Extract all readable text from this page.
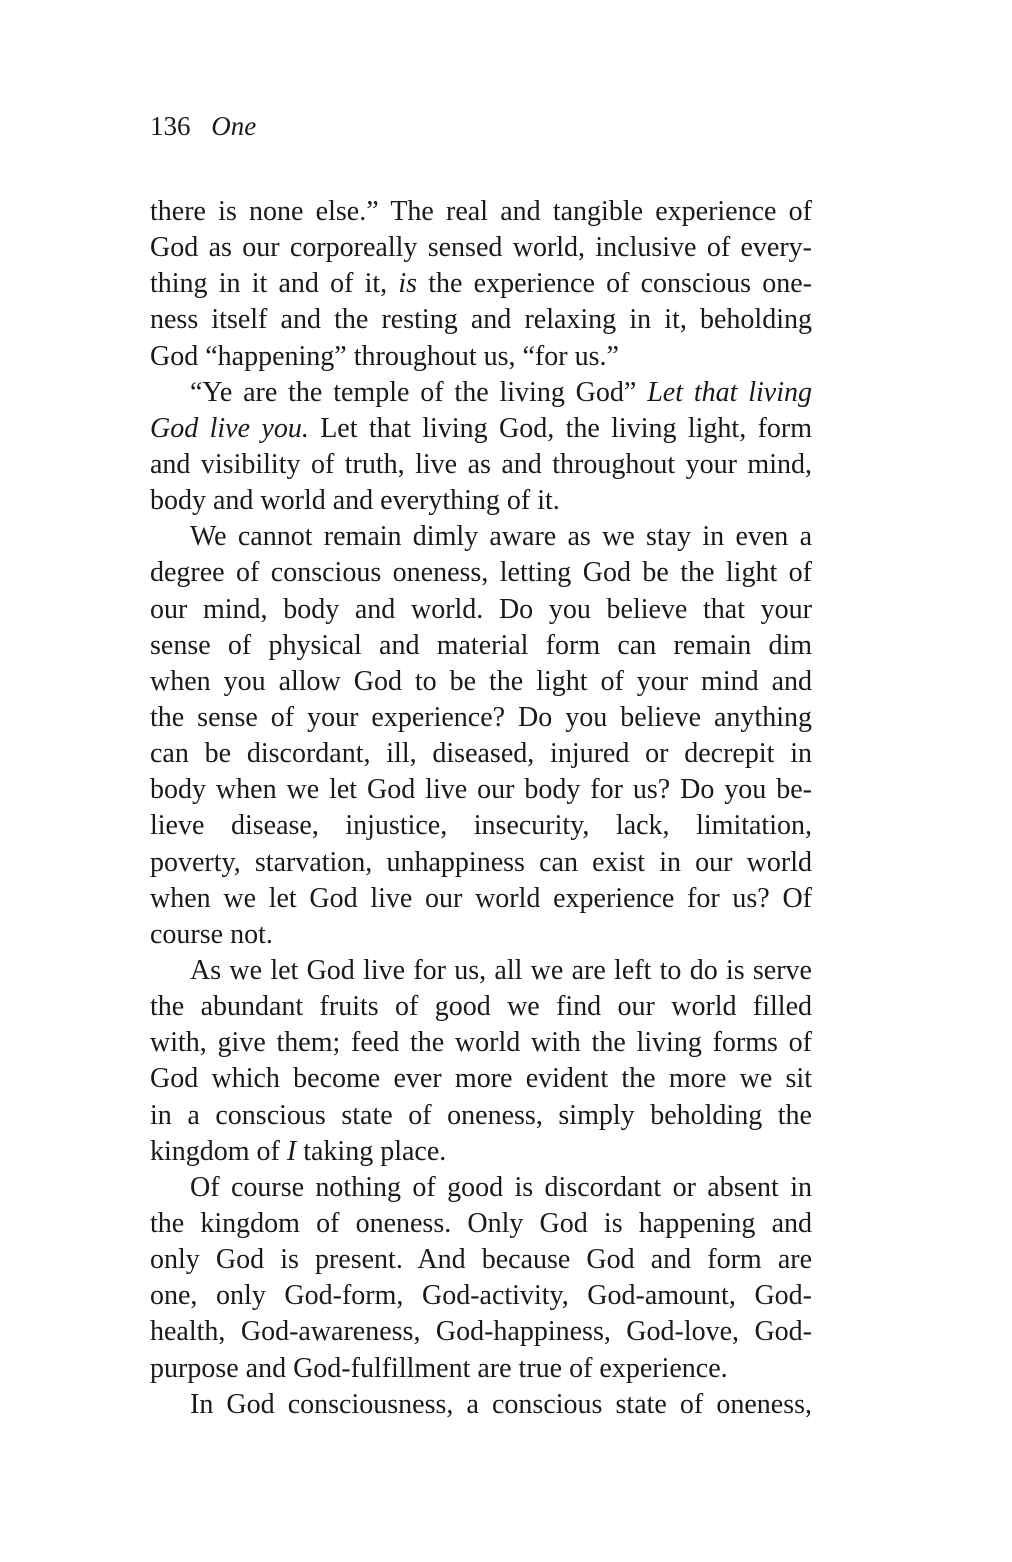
136 One
there is none else.” The real and tangible experience of
God as our corporeally sensed world, inclusive of every-
thing in it and of it, is the experience of conscious one-
ness itself and the resting and relaxing in it, beholding
God “happening” throughout us, “for us.”
“Ye are the temple of the living God” Let that living
God live you. Let that living God, the living light, form
and visibility of truth, live as and throughout your mind,
body and world and everything of it.
We cannot remain dimly aware as we stay in even a
degree of conscious oneness, letting God be the light of
our mind, body and world. Do you believe that your
sense of physical and material form can remain dim
when you allow God to be the light of your mind and
the sense of your experience? Do you believe anything
can be discordant, ill, diseased, injured or decrepit in
body when we let God live our body for us? Do you be-
lieve disease, injustice, insecurity, lack, limitation,
poverty, starvation, unhappiness can exist in our world
when we let God live our world experience for us? Of
course not.
As we let God live for us, all we are left to do is serve
the abundant fruits of good we find our world filled
with, give them; feed the world with the living forms of
God which become ever more evident the more we sit
in a conscious state of oneness, simply beholding the
kingdom of I taking place.
Of course nothing of good is discordant or absent in
the kingdom of oneness. Only God is happening and
only God is present. And because God and form are
one, only God-form, God-activity, God-amount, God-
health, God-awareness, God-happiness, God-love, God-
purpose and God-fulfillment are true of experience.
In God consciousness, a conscious state of oneness,
